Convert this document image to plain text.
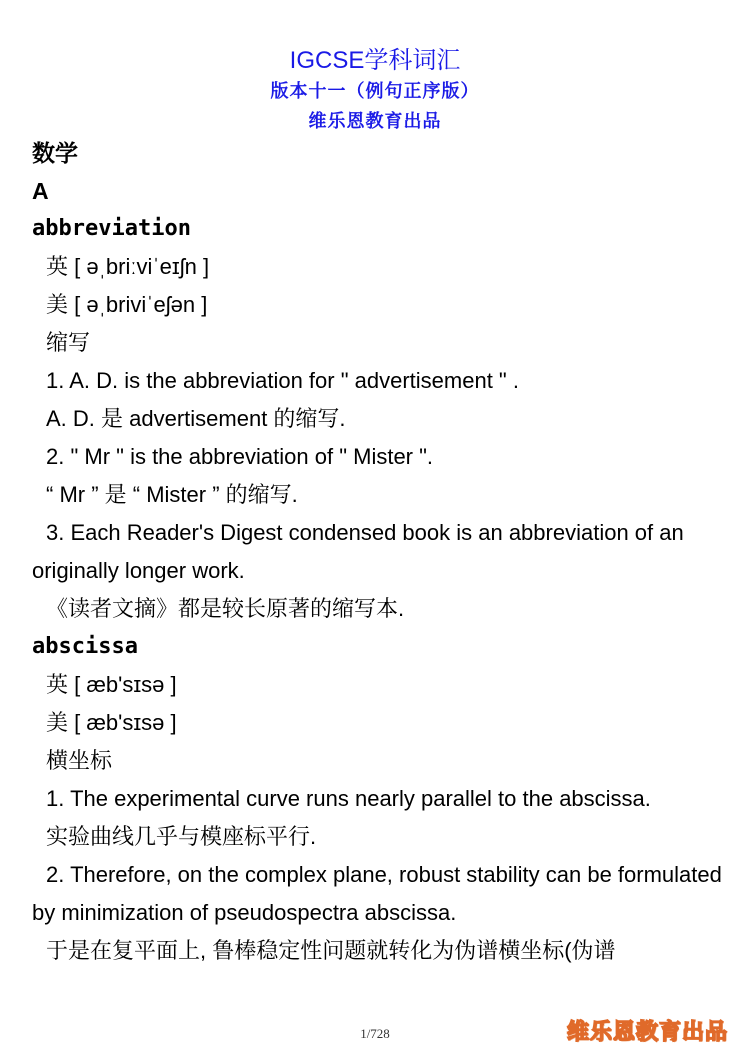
IGCSE学科词汇
版本十一（例句正序版）
维乐恩教育出品
数学
A
abbreviation
英 [ əˌbriːviˈeɪʃn ]
美 [ əˌbriviˈeʃən ]
缩写
1. A. D. is the abbreviation for " advertisement " .
A. D. 是 advertisement 的缩写.
2. " Mr " is the abbreviation of " Mister ".
“ Mr ” 是 “ Mister ” 的缩写.
3. Each Reader's Digest condensed book is an abbreviation of an originally longer work.
《读者文摘》都是较长原著的缩写本.
abscissa
英 [ æb'sɪsə ]
美 [ æb'sɪsə ]
横坐标
1. The experimental curve runs nearly parallel to the abscissa.
实验曲线几乎与模座标平行.
2. Therefore, on the complex plane, robust stability can be formulated by minimization of pseudospectra abscissa.
于是在复平面上, 鲁棒稳定性问题就转化为伪谱横坐标(伪谱
1/728	维乐恩教育出品
